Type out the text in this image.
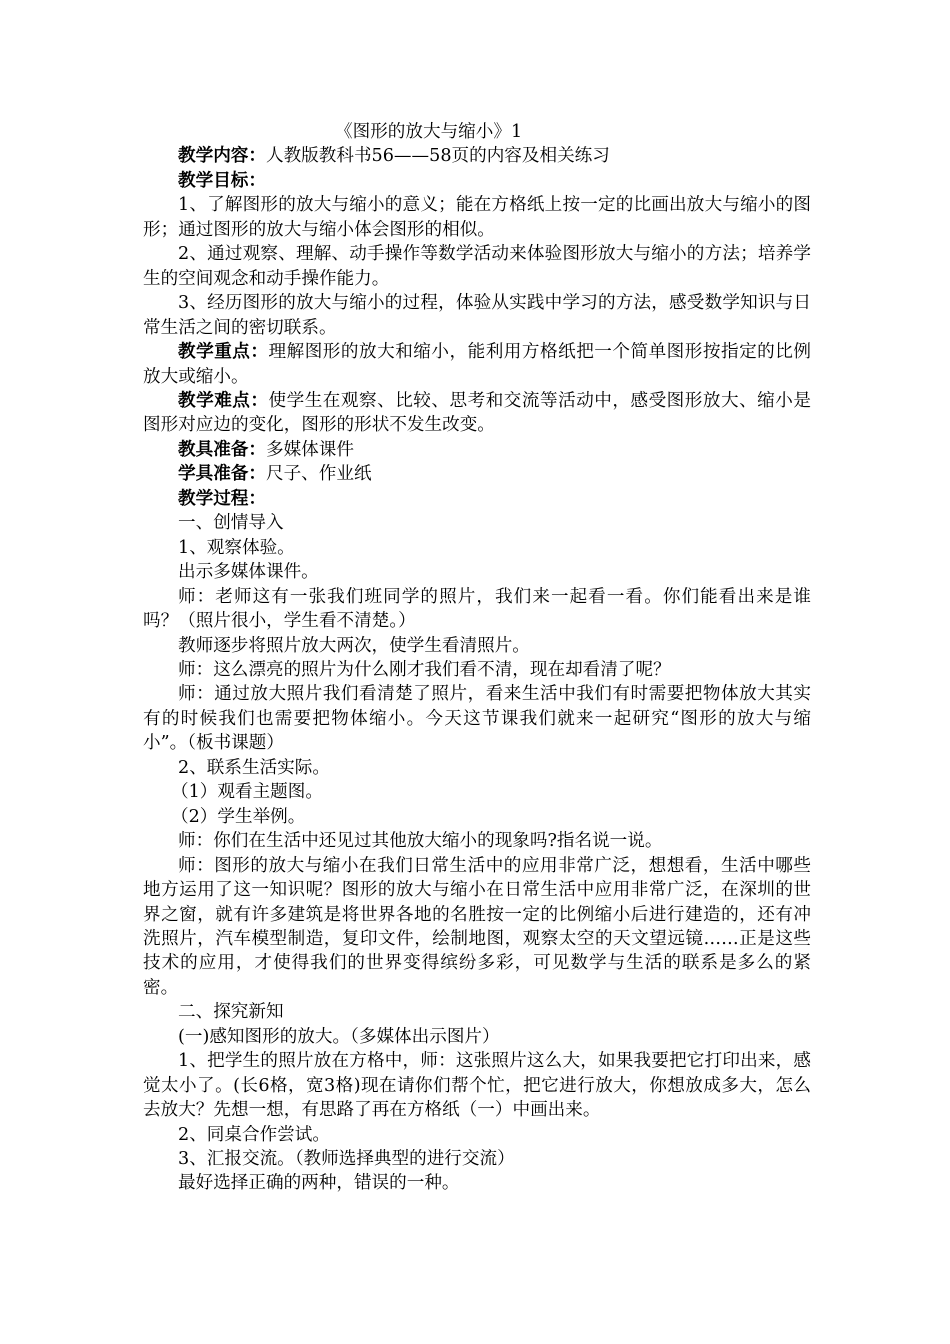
《图形的放大与缩小》1

教学内容：人教版教科书56——58页的内容及相关练习

教学目标：

1、了解图形的放大与缩小的意义；能在方格纸上按一定的比画出放大与缩小的图形；通过图形的放大与缩小体会图形的相似。

2、通过观察、理解、动手操作等数学活动来体验图形放大与缩小的方法；培养学生的空间观念和动手操作能力。

3、经历图形的放大与缩小的过程，体验从实践中学习的方法，感受数学知识与日常生活之间的密切联系。

教学重点：理解图形的放大和缩小，能利用方格纸把一个简单图形按指定的比例放大或缩小。

教学难点：使学生在观察、比较、思考和交流等活动中，感受图形放大、缩小是图形对应边的变化，图形的形状不发生改变。

教具准备：多媒体课件

学具准备：尺子、作业纸

教学过程：

一、创情导入

1、观察体验。

出示多媒体课件。

师：老师这有一张我们班同学的照片，我们来一起看一看。你们能看出来是谁吗？（照片很小，学生看不清楚。）

教师逐步将照片放大两次，使学生看清照片。

师：这么漂亮的照片为什么刚才我们看不清，现在却看清了呢？

师：通过放大照片我们看清楚了照片，看来生活中我们有时需要把物体放大其实有的时候我们也需要把物体缩小。今天这节课我们就来一起研究“图形的放大与缩小”。（板书课题）

2、联系生活实际。

（1）观看主题图。

（2）学生举例。

师：你们在生活中还见过其他放大缩小的现象吗?指名说一说。

师：图形的放大与缩小在我们日常生活中的应用非常广泛，想想看，生活中哪些地方运用了这一知识呢？图形的放大与缩小在日常生活中应用非常广泛，在深圳的世界之窗，就有许多建筑是将世界各地的名胜按一定的比例缩小后进行建造的，还有冲洗照片，汽车模型制造，复印文件，绘制地图，观察太空的天文望远镜……正是这些技术的应用，才使得我们的世界变得缤纷多彩，可见数学与生活的联系是多么的紧密。

二、探究新知

(一)感知图形的放大。（多媒体出示图片）

1、把学生的照片放在方格中，师：这张照片这么大，如果我要把它打印出来，感觉太小了。(长6格，宽3格)现在请你们帮个忙，把它进行放大，你想放成多大，怎么去放大？先想一想，有思路了再在方格纸（一）中画出来。

2、同桌合作尝试。

3、汇报交流。（教师选择典型的进行交流）

最好选择正确的两种，错误的一种。
